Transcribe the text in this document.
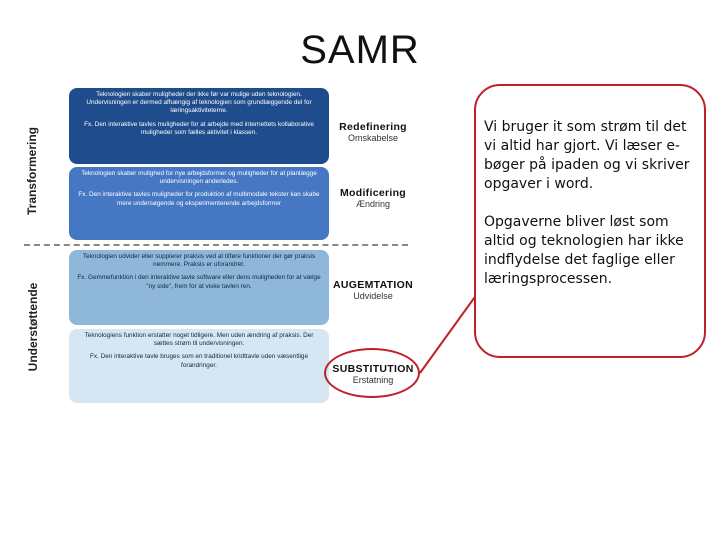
SAMR
Transformering
Understøttende

Teknologien skaber muligheder der ikke før var mulige uden teknologien. Undervisningen er dermed afhængig af teknologien som grundlæggende del for læringsaktiviteterne.

Fx. Den interaktive tavles muligheder for at arbejde med internettets kollaborative muligheder som fælles aktivitet i klassen.

Teknologien skaber mulighed for nye arbejdsformer og muligheder for at planlægge undervisningen anderledes.

Fx. Den interaktive tavles muligheder for produktion af multimodale tekster kan skabe mere undersøgende og eksperimenterende arbejdsformer

Teknologien udvider eller supplerer praksis ved at tilføre funktioner der gør praksis nemmere. Praksis er uforandret.

Fx. Gemmefunktion i den interaktive tavle software eller dens muligheden for at vælge "ny side", frem for at viske tavlen ren.

Teknologiens funktion erstatter noget tidligere. Men uden ændring af praksis. Der sættes strøm til undervisningen.

Fx. Den interaktive tavle bruges som en traditionel kridttavle uden væsentlige forandringer.

Redefinering
Omskabelse
Modificering
Ændring
AUGEMTATION
Udvidelse
SUBSTITUTION
Erstatning

Vi bruger it som strøm til det vi altid har gjort. Vi læser e-bøger på ipaden og vi skriver opgaver i word.

Opgaverne bliver løst som altid og teknologien har ikke indflydelse det faglige eller læringsprocessen.
